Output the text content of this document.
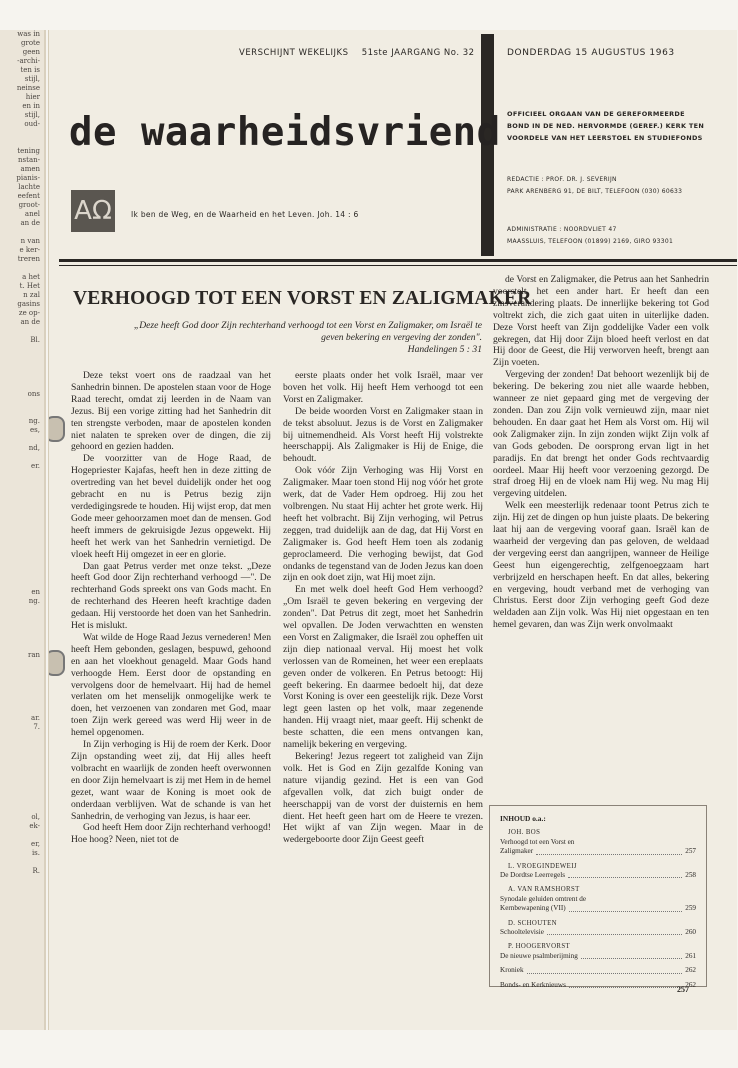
was in
grote
geen
-archi-
ten is
stijl,
neinse
hier
en in
stijl,
oud-
tening
nstan-
amen
pianis-
lachte
eefent
groot-
anel
an de
n van
e ker-
treren
a het
t. Het
n zal
gasins
ze op-
an de
Bl.
ons
ng.
es,
nd,
er.
en
ng.
ran
ar.
7.
ol,
ek-
er,
is.
R.
VERSCHIJNT WEKELIJKS 51ste JAARGANG No. 32	DONDERDAG 15 AUGUSTUS 1963
de waarheidsvriend
AΩ	Ik ben de Weg, en de Waarheid en het Leven. Joh. 14 : 6
OFFICIEEL ORGAAN VAN DE GEREFORMEERDE
BOND IN DE NED. HERVORMDE (GEREF.) KERK TEN
VOORDELE VAN HET LEERSTOEL EN STUDIEFONDS
REDACTIE : PROF. DR. J. SEVERIJN
PARK ARENBERG 91, DE BILT, TELEFOON (030) 60633
ADMINISTRATIE : NOORDVLIET 47
MAASSLUIS, TELEFOON (01899) 2169, GIRO 93301
VERHOOGD TOT EEN VORST EN ZALIGMAKER
„Deze heeft God door Zijn rechterhand verhoogd tot een Vorst en Zaligmaker, om Israël te geven bekering en vergeving der zonden".
Handelingen 5 : 31

Deze tekst voert ons de raadzaal van het Sanhedrin binnen. De apostelen staan voor de Hoge Raad terecht, omdat zij leerden in de Naam van Jezus. Bij een vorige zitting had het Sanhedrin dit ten strengste verboden, maar de apostelen konden niet nalaten te spreken over de dingen, die zij gehoord en gezien hadden.

De voorzitter van de Hoge Raad, de Hogepriester Kajafas, heeft hen in deze zitting de overtreding van het bevel duidelijk onder het oog gebracht en nu is Petrus bezig zijn verdedigingsrede te houden. Hij wijst erop, dat men Gode meer gehoorzamen moet dan de mensen. God heeft immers de gekruisigde Jezus opgewekt. Hij heeft het werk van het Sanhedrin vernietigd. De vloek heeft Hij omgezet in eer en glorie.

Dan gaat Petrus verder met onze tekst. „Deze heeft God door Zijn rechterhand verhoogd —". De rechterhand Gods spreekt ons van Gods macht. En de rechterhand des Heeren heeft krachtige daden gedaan. Hij verstoorde het doen van het Sanhedrin. Het is mislukt.

Wat wilde de Hoge Raad Jezus vernederen! Men heeft Hem gebonden, geslagen, bespuwd, gehoond en aan het vloekhout genageld. Maar Gods hand verhoogde Hem. Eerst door de opstanding en vervolgens door de hemelvaart. Hij had de hemel verlaten om het menselijk onmogelijke werk te doen, het verzoenen van zondaren met God, maar toen Zijn werk gereed was werd Hij weer in de hemel opgenomen.

In Zijn verhoging is Hij de roem der Kerk. Door Zijn opstanding weet zij, dat Hij alles heeft volbracht en waarlijk de zonden heeft overwonnen en door Zijn hemelvaart is zij met Hem in de hemel gezet, want waar de Koning is moet ook de onderdaan verblijven. Wat de schande is van het Sanhedrin, de verhoging van Jezus, is haar eer.

God heeft Hem door Zijn rechterhand verhoogd! Hoe hoog? Neen, niet tot de

eerste plaats onder het volk Israël, maar ver boven het volk. Hij heeft Hem verhoogd tot een Vorst en Zaligmaker.

De beide woorden Vorst en Zaligmaker staan in de tekst absoluut. Jezus is de Vorst en Zaligmaker bij uitnemendheid. Als Vorst heeft Hij volstrekte heerschappij. Als Zaligmaker is Hij de Enige, die behoudt.

Ook vóór Zijn Verhoging was Hij Vorst en Zaligmaker. Maar toen stond Hij nog vóór het grote werk, dat de Vader Hem opdroeg. Hij zou het volbrengen. Nu staat Hij achter het grote werk. Hij heeft het volbracht. Bij Zijn verhoging, wil Petrus zeggen, trad duidelijk aan de dag, dat Hij Vorst en Zaligmaker is. God heeft Hem toen als zodanig geproclameerd. Die verhoging bewijst, dat God ondanks de tegenstand van de Joden Jezus kan doen zijn en ook doet zijn, wat Hij moet zijn.

En met welk doel heeft God Hem verhoogd? „Om Israël te geven bekering en vergeving der zonden". Dat Petrus dit zegt, moet het Sanhedrin wel opvallen. De Joden verwachtten en wensten een Vorst en Zaligmaker, die Israël zou opheffen uit zijn diep nationaal verval. Hij moest het volk verlossen van de Romeinen, het weer een ereplaats geven onder de volkeren. En Petrus betoogt: Hij geeft bekering. En daarmee bedoelt hij, dat deze Vorst Koning is over een geestelijk rijk. Deze Vorst legt geen lasten op het volk, maar zegenende handen. Hij vraagt niet, maar geeft. Hij schenkt de beste schatten, die een mens ontvangen kan, namelijk bekering en vergeving.

Bekering! Jezus regeert tot zaligheid van Zijn volk. Het is God en Zijn gezalfde Koning van nature vijandig gezind. Het is een van God afgevallen volk, dat zich buigt onder de heerschappij van de vorst der duisternis en hem dient. Het heeft geen hart om de Heere te vrezen. Het wijkt af van Zijn wegen. Maar in de wedergeboorte door Zijn Geest geeft

de Vorst en Zaligmaker, die Petrus aan het Sanhedrin voorstelt, het een ander hart. Er heeft dan een zinsverandering plaats. De innerlijke bekering tot God voltrekt zich, die zich gaat uiten in uiterlijke daden. Deze Vorst heeft van Zijn goddelijke Vader een volk gekregen, dat Hij door Zijn bloed heeft verlost en dat Hij door de Geest, die Hij verworven heeft, brengt aan Zijn voeten.

Vergeving der zonden! Dat behoort wezenlijk bij de bekering. De bekering zou niet alle waarde hebben, wanneer ze niet gepaard ging met de vergeving der zonden. Dan zou Zijn volk vernieuwd zijn, maar niet behouden. En daar gaat het Hem als Vorst om. Hij wil ook Zaligmaker zijn. In zijn zonden wijkt Zijn volk af van Gods geboden. De oorsprong ervan ligt in het paradijs. En dat brengt het onder Gods rechtvaardig oordeel. Maar Hij heeft voor verzoening gezorgd. De straf droeg Hij en de vloek nam Hij weg. Nu mag Hij vergeving uitdelen.

Welk een meesterlijk redenaar toont Petrus zich te zijn. Hij zet de dingen op hun juiste plaats. De bekering laat hij aan de vergeving vooraf gaan. Israël kan de waarheid der vergeving dan pas geloven, de weldaad der vergeving eerst dan aangrijpen, wanneer de Heilige Geest hun eigengerechtig, zelfgenoegzaam hart verbrijzeld en herschapen heeft. En dat alles, bekering en vergeving, houdt verband met de verhoging van Christus. Eerst door Zijn verhoging geeft God deze weldaden aan Zijn volk. Was Hij niet opgestaan en ten hemel gevaren, dan was Zijn werk onvolmaakt

INHOUD o.a.:
JOH. BOS
Verhoogd tot een Vorst en
Zaligmaker	257
L. VROEGINDEWEIJ
De Dordtse Leerregels	258
A. VAN RAMSHORST
Synodale geluiden omtrent de
Kernbewapening (VII)	259
D. SCHOUTEN
Schooltelevisie	260
P. HOOGERVORST
De nieuwe psalmberijming	261
Kroniek	262
Bonds- en Kerknieuws	262
257
